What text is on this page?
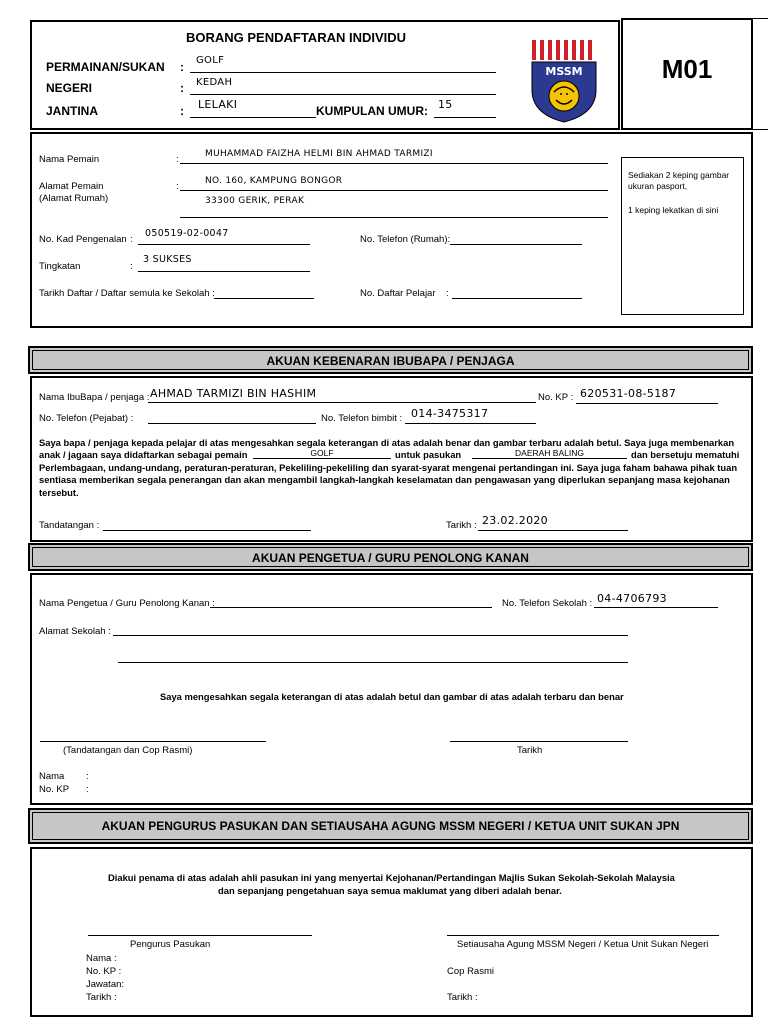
M01
BORANG PENDAFTARAN INDIVIDU
PERMAINAN/SUKAN : GOLF
NEGERI	: KEDAH
JANTINA	: LELAKI	KUMPULAN UMUR: 15
MSSM
Sediakan 2 keping gambar
ukuran pasport,
1 keping lekatkan di sini
Nama Pemain	:	MUHAMMAD FAIZHA HELMI BIN AHMAD TARMIZI
Alamat Pemain
(Alamat Rumah)
:	NO. 160, KAMPUNG BONGOR
33300 GERIK, PERAK
No. Kad Pengenalan :
050519-02-0047
No. Telefon (Rumah):
Tingkatan	:
3 SUKSES
Tarikh Daftar / Daftar semula ke Sekolah :	No. Daftar Pelajar :
AKUAN KEBENARAN IBUBAPA / PENJAGA
Nama IbuBapa / penjaga : AHMAD TARMIZI BIN HASHIM	No. KP : 620531-08-5187
No. Telefon (Pejabat) :	No. Telefon bimbit : 014-3475317
Saya bapa / penjaga kepada pelajar di atas mengesahkan segala keterangan di atas adalah benar dan gambar terbaru adalah betul. Saya juga membenarkan
anak / jagaan saya didaftarkan sebagai pemain	GOLF	untuk pasukan	DAERAH BALING	dan bersetuju mematuhi
Perlembagaan, undang-undang, peraturan-peraturan, Pekeliling-pekeliling dan syarat-syarat mengenai pertandingan ini. Saya juga faham bahawa pihak tuan
sentiasa memberikan segala penerangan dan akan mengambil langkah-langkah keselamatan dan pengawasan yang diperlukan sepanjang masa kejohanan
tersebut.
Tandatangan :	Tarikh : 23.02.2020
AKUAN PENGETUA / GURU PENOLONG KANAN
Nama Pengetua / Guru Penolong Kanan :	No. Telefon Sekolah : 04-4706793
Alamat Sekolah :
Saya mengesahkan segala keterangan di atas adalah betul dan gambar di atas adalah terbaru dan benar
(Tandatangan dan Cop Rasmi)	Tarikh
Nama :
No. KP :
AKUAN PENGURUS PASUKAN DAN SETIAUSAHA AGUNG MSSM NEGERI / KETUA UNIT SUKAN JPN
Diakui penama di atas adalah ahli pasukan ini yang menyertai Kejohanan/Pertandingan Majlis Sukan Sekolah-Sekolah Malaysia
dan sepanjang pengetahuan saya semua maklumat yang diberi adalah benar.
Pengurus Pasukan	Setiausaha Agung MSSM Negeri / Ketua Unit Sukan Negeri
Nama :
No. KP :
Jawatan:
Tarikh :
Cop Rasmi
Tarikh :
